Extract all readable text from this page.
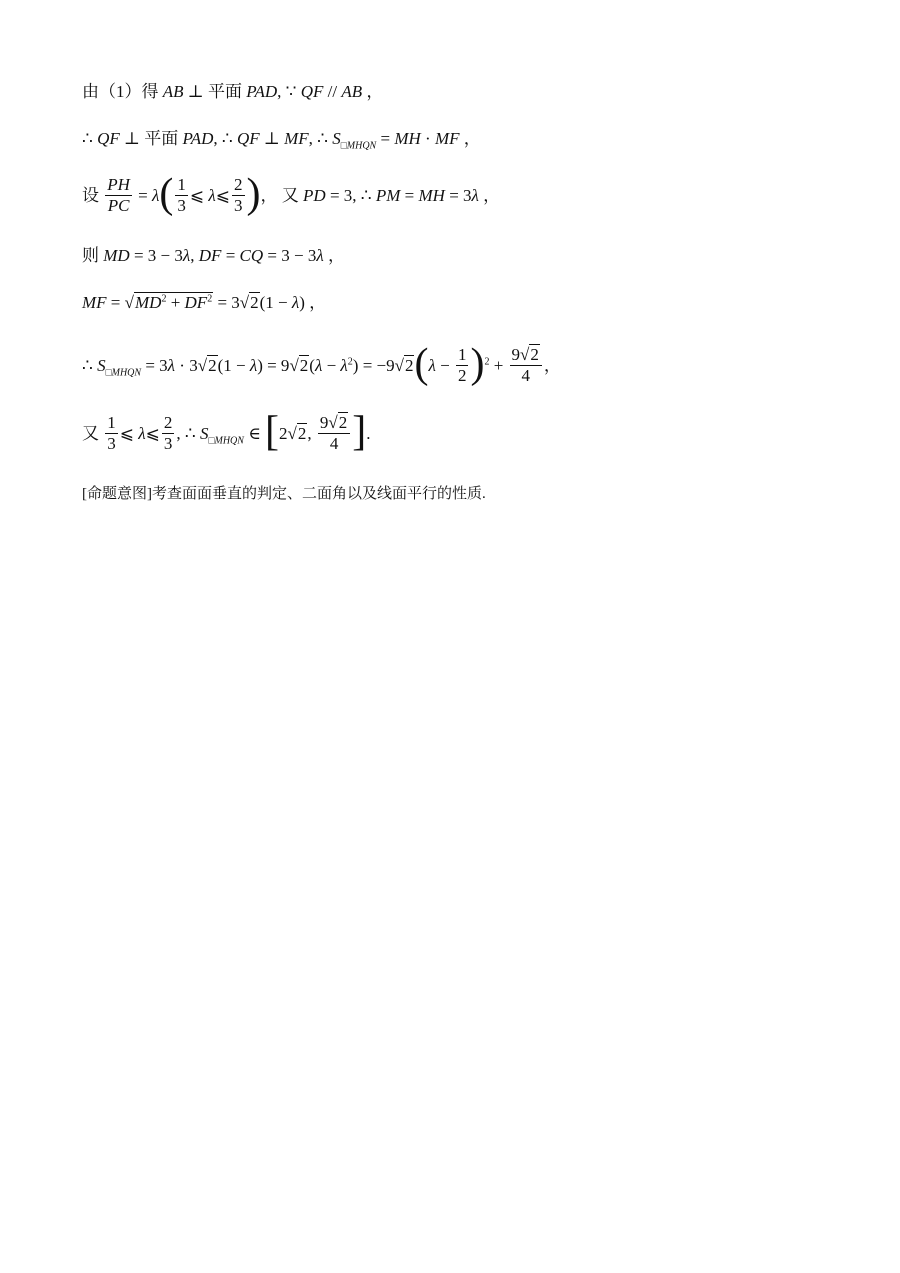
由（1）得 AB ⊥ 平面 PAD, ∵ QF // AB ，
∴ QF ⊥ 平面 PAD, ∴ QF ⊥ MF, ∴ $S_{□MHQN}$ = MH · MF ，
设 $\frac{PH}{PC} = \lambda( \frac{1}{3}$ ⩽ λ⩽ $\frac{2}{3}$ )， 又 PD = 3, ∴ PM = MH = 3λ ，
则 MD = 3 − 3λ, DF = CQ = 3 − 3λ ，
MF = $√MD^2 + DF^2 = 3√2(1 - \lambda)$ ，
∴ $S_{□MHQN} = 3\lambda \cdot 3√2(1 - \lambda) = 9√2(\lambda - \lambda^2) = -9√2(\lambda - \frac{1}{2} )^2 + \frac{9√2}{4}$ ，
又 $\frac{1}{3}$ ⩽ λ⩽ $\frac{2}{3}$ , ∴ $S_{□MHQN}$ ∈ [2√2, $\frac{9√2}{4}$ ].
[命题意图]考查面面垂直的判定、二面角以及线面平行的性质.
